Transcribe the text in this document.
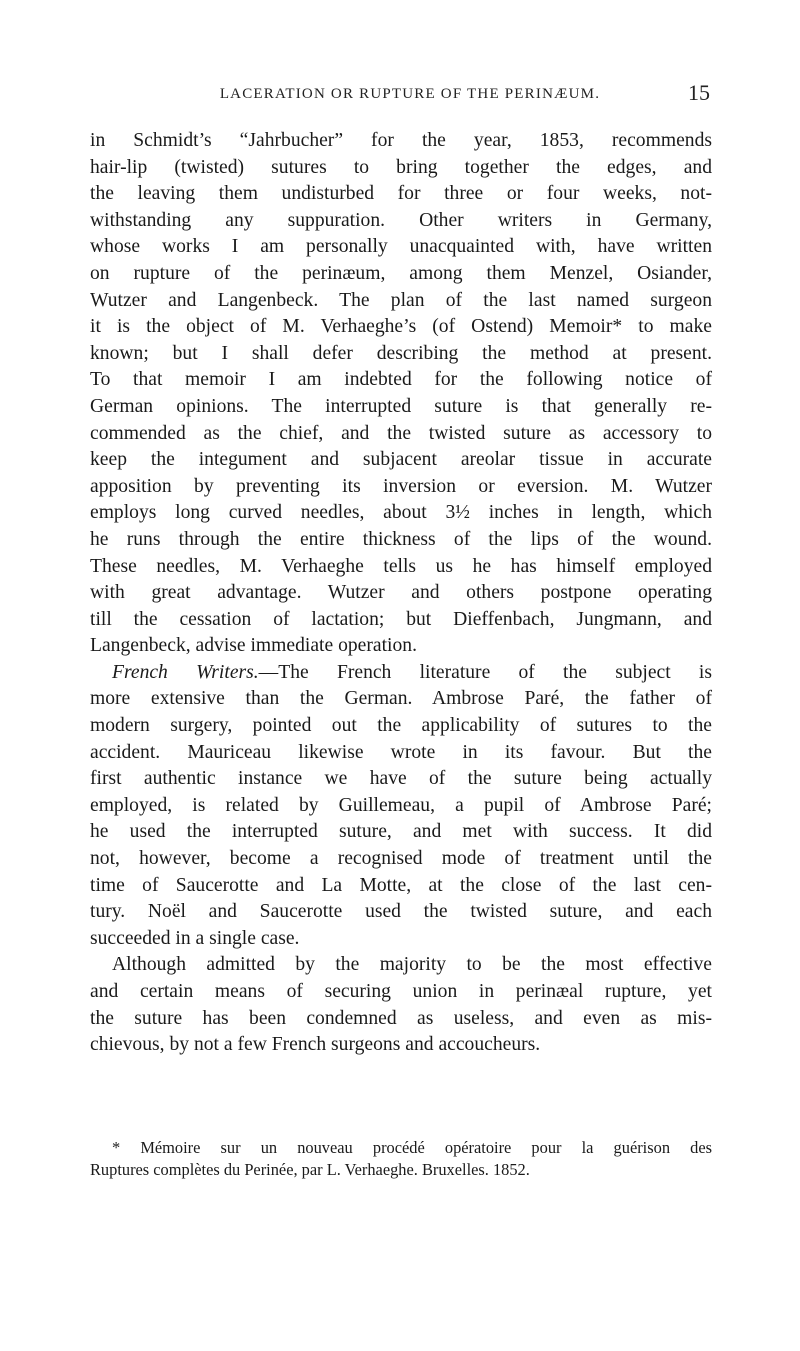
LACERATION OR RUPTURE OF THE PERINÆUM.	15
in Schmidt’s “Jahrbucher” for the year, 1853, recommends
hair-lip (twisted) sutures to bring together the edges, and
the leaving them undisturbed for three or four weeks, not-
withstanding any suppuration. Other writers in Germany,
whose works I am personally unacquainted with, have written
on rupture of the perinæum, among them Menzel, Osiander,
Wutzer and Langenbeck. The plan of the last named surgeon
it is the object of M. Verhaeghe’s (of Ostend) Memoir* to make
known; but I shall defer describing the method at present.
To that memoir I am indebted for the following notice of
German opinions. The interrupted suture is that generally re-
commended as the chief, and the twisted suture as accessory to
keep the integument and subjacent areolar tissue in accurate
apposition by preventing its inversion or eversion. M. Wutzer
employs long curved needles, about 3½ inches in length, which
he runs through the entire thickness of the lips of the wound.
These needles, M. Verhaeghe tells us he has himself employed
with great advantage. Wutzer and others postpone operating
till the cessation of lactation; but Dieffenbach, Jungmann, and
Langenbeck, advise immediate operation.
French Writers.—The French literature of the subject is
more extensive than the German. Ambrose Paré, the father of
modern surgery, pointed out the applicability of sutures to the
accident. Mauriceau likewise wrote in its favour. But the
first authentic instance we have of the suture being actually
employed, is related by Guillemeau, a pupil of Ambrose Paré;
he used the interrupted suture, and met with success. It did
not, however, become a recognised mode of treatment until the
time of Saucerotte and La Motte, at the close of the last cen-
tury. Noël and Saucerotte used the twisted suture, and each
succeeded in a single case.
Although admitted by the majority to be the most effective
and certain means of securing union in perinæal rupture, yet
the suture has been condemned as useless, and even as mis-
chievous, by not a few French surgeons and accoucheurs.
* Mémoire sur un nouveau procédé opératoire pour la guérison des
Ruptures complètes du Perinée, par L. Verhaeghe. Bruxelles. 1852.
